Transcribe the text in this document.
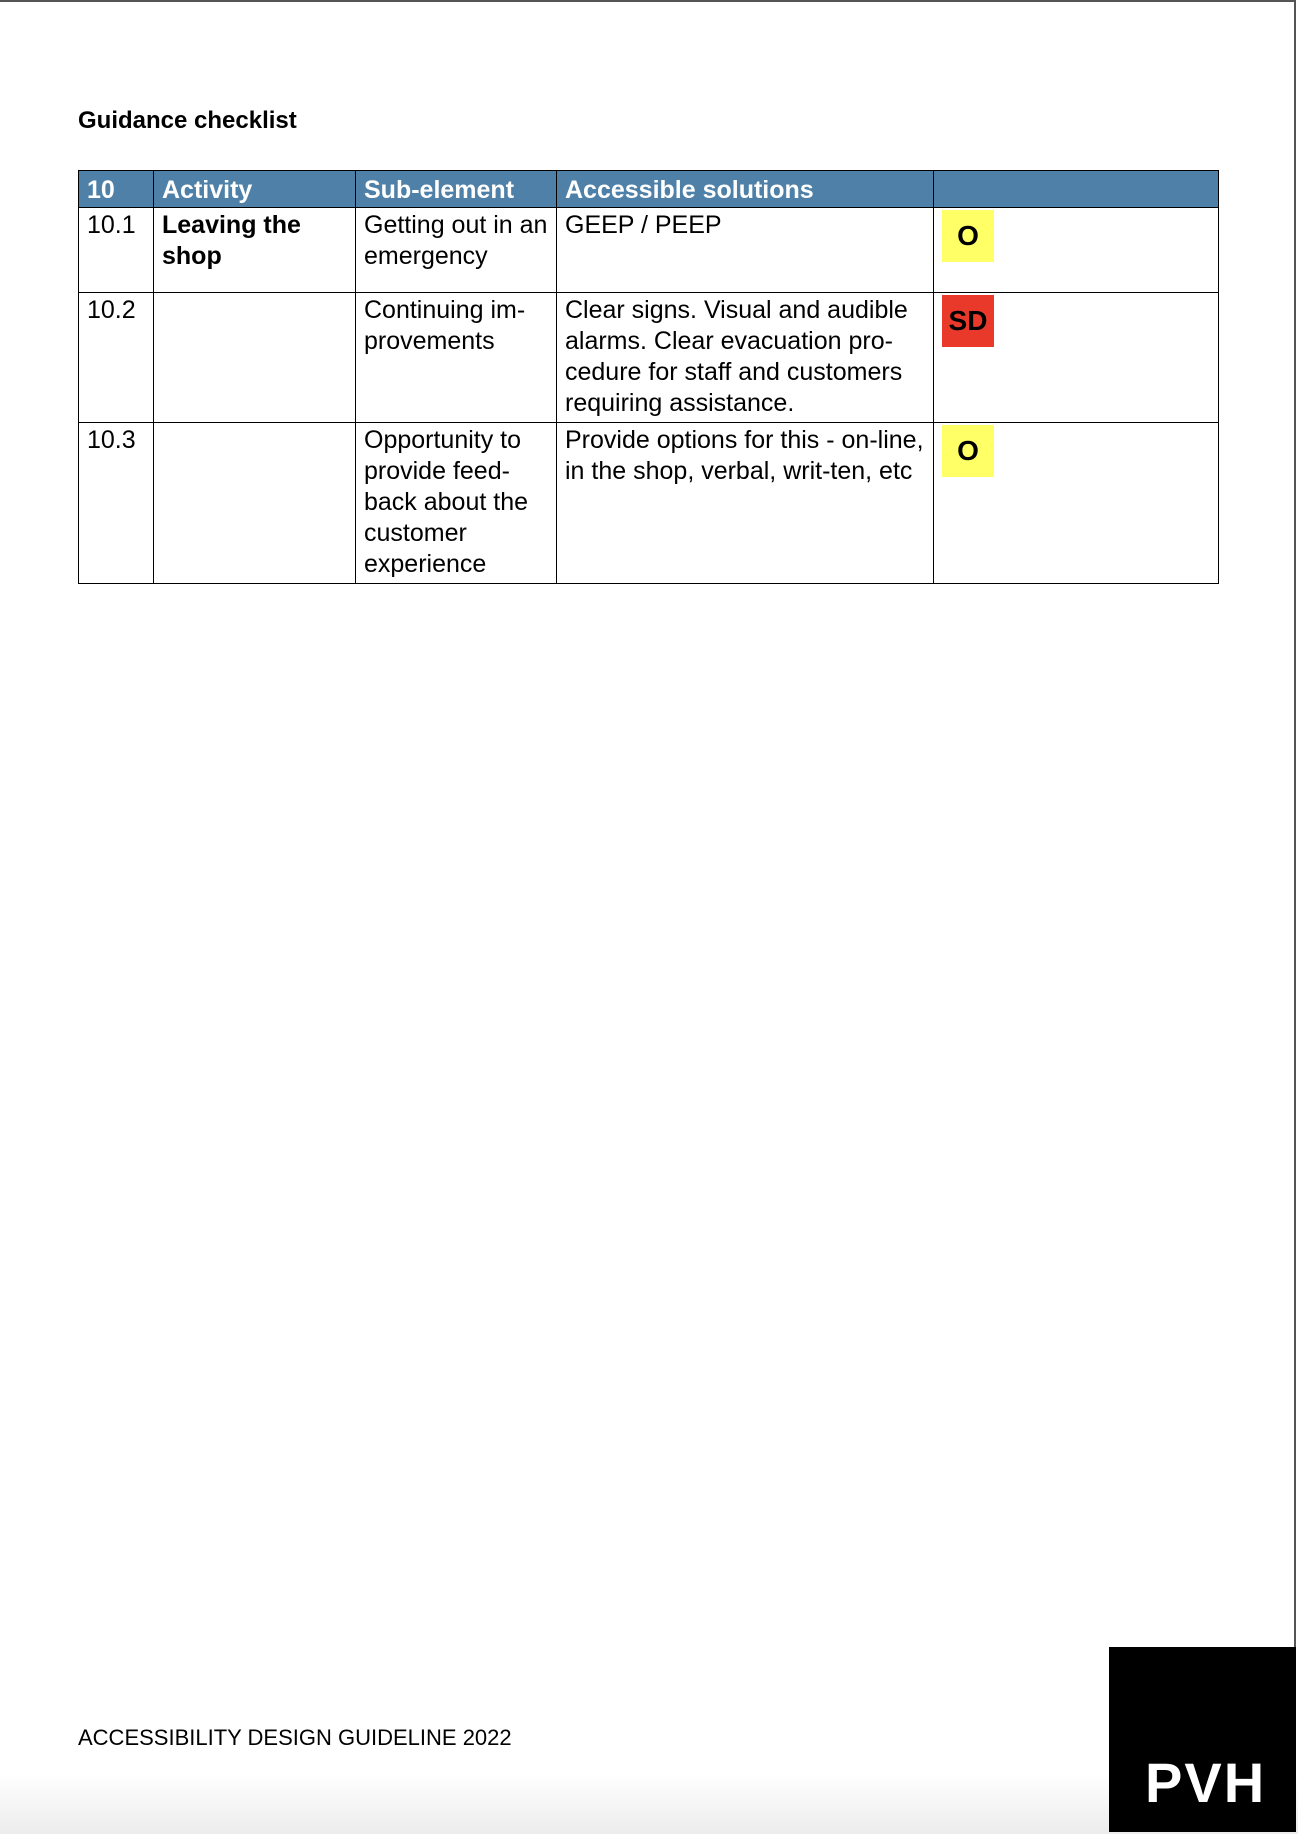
Guidance checklist
10	Activity	Sub-element	Accessible solutions	
10.1	Leaving the shop	Getting out in an emergency	GEEP / PEEP	O
10.2		Continuing im-provements	Clear signs. Visual and audible alarms. Clear evacuation pro-cedure for staff and customers requiring assistance.	SD
10.3		Opportunity to provide feed-back about the customer experience	Provide options for this - on-line, in the shop, verbal, writ-ten, etc	O
ACCESSIBILITY DESIGN GUIDELINE 2022
PVH
